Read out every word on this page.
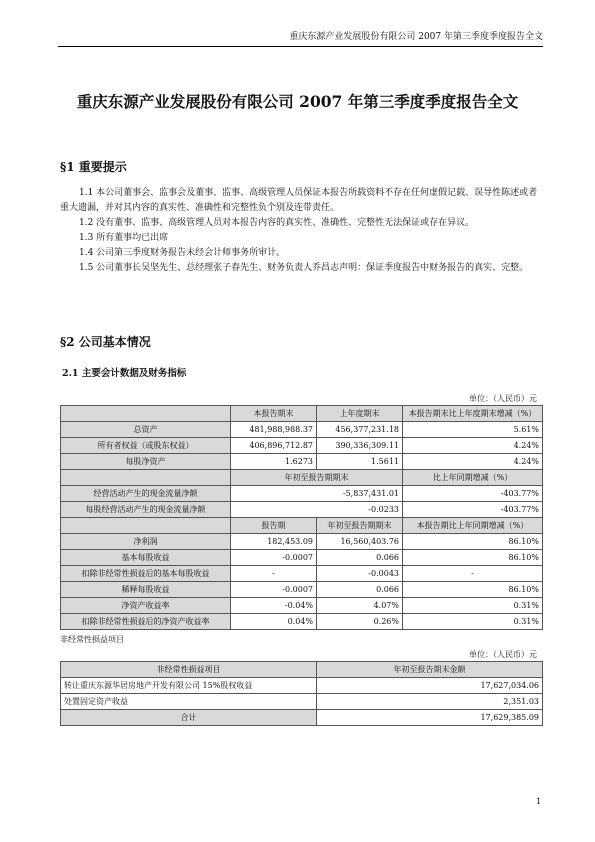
重庆东源产业发展股份有限公司 2007 年第三季度季度报告全文
重庆东源产业发展股份有限公司 2007 年第三季度季度报告全文
§1 重要提示

1.1 本公司董事会、监事会及董事、监事、高级管理人员保证本报告所载资料不存在任何虚假记载、误导性陈述或者重大遗漏，并对其内容的真实性、准确性和完整性负个别及连带责任。

1.2 没有董事、监事、高级管理人员对本报告内容的真实性、准确性、完整性无法保证或存在异议。

1.3 所有董事均已出席

1.4 公司第三季度财务报告未经会计师事务所审计。

1.5 公司董事长吴坚先生、总经理张子春先生、财务负责人乔昌志声明：保证季度报告中财务报告的真实、完整。

§2 公司基本情况
2.1 主要会计数据及财务指标
单位：（人民币）元
	本报告期末	上年度期末	本报告期末比上年度期末增减（%）
总资产	481,988,988.37	456,377,231.18	5.61%
所有者权益（或股东权益）	406,896,712.87	390,336,309.11	4.24%
每股净资产	1.6273	1.5611	4.24%
	年初至报告期期末		比上年同期增减（%）
经营活动产生的现金流量净额	-5,837,431.01		-403.77%
每股经营活动产生的现金流量净额	-0.0233		-403.77%
	报告期	年初至报告期期末	本报告期比上年同期增减（%）
净利润	182,453.09	16,560,403.76	86.10%
基本每股收益	-0.0007	0.066	86.10%
扣除非经常性损益后的基本每股收益	-	-0.0043	-
稀释每股收益	-0.0007	0.066	86.10%
净资产收益率	-0.04%	4.07%	0.31%
扣除非经常性损益后的净资产收益率	0.04%	0.26%	0.31%
非经常性损益项目
单位：（人民币）元
非经常性损益项目	年初至报告期末金额
转让重庆东源华居房地产开发有限公司 15%股权收益	17,627,034.06
处置固定资产收益	2,351.03
合计	17,629,385.09
1
